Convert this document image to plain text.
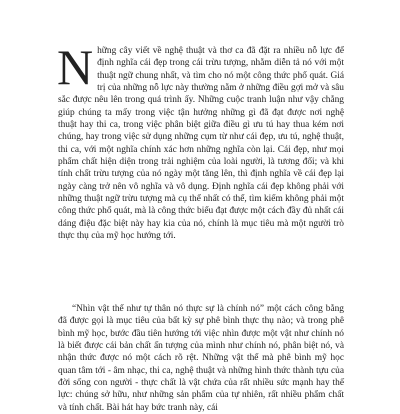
Những cây viết về nghệ thuật và thơ ca đã đặt ra nhiều nỗ lực để định nghĩa cái đẹp trong cái trừu tượng, nhằm diễn tả nó với một thuật ngữ chung nhất, và tìm cho nó một công thức phổ quát. Giá trị của những nỗ lực này thường nằm ở những điều gợi mở và sâu sắc được nêu lên trong quá trình ấy. Những cuộc tranh luận như vậy chẳng giúp chúng ta mấy trong việc tận hưởng những gì đã đạt được nơi nghệ thuật hay thi ca, trong việc phân biệt giữa điều gì ưu tú hay thua kém nơi chúng, hay trong việc sử dụng những cụm từ như cái đẹp, ưu tú, nghệ thuật, thi ca, với một nghĩa chính xác hơn những nghĩa còn lại. Cái đẹp, như mọi phẩm chất hiện diện trong trải nghiệm của loài người, là tương đối; và khi tính chất trừu tượng của nó ngày một tăng lên, thì định nghĩa về cái đẹp lại ngày càng trở nên vô nghĩa và vô dụng. Định nghĩa cái đẹp không phải với những thuật ngữ trừu tượng mà cụ thể nhất có thể, tìm kiếm không phải một công thức phổ quát, mà là công thức biểu đạt được một cách đầy đủ nhất cái dáng điệu đặc biệt này hay kia của nó, chính là mục tiêu mà một người trò thực thụ của mỹ học hướng tới.

“Nhìn vật thể như tự thân nó thực sự là chính nó” một cách công bằng đã được gọi là mục tiêu của bất kỳ sự phê bình thực thụ nào; và trong phê bình mỹ học, bước đầu tiên hướng tới việc nhìn được một vật như chính nó là biết được cái bản chất ấn tượng của mình như chính nó, phân biệt nó, và nhận thức được nó một cách rõ rệt. Những vật thể mà phê bình mỹ học quan tâm tới - âm nhạc, thi ca, nghệ thuật và những hình thức thành tựu của đời sống con người - thực chất là vật chứa của rất nhiều sức mạnh hay thế lực: chúng sở hữu, như những sản phẩm của tự nhiên, rất nhiều phẩm chất và tính chất. Bài hát hay bức tranh này, cái
